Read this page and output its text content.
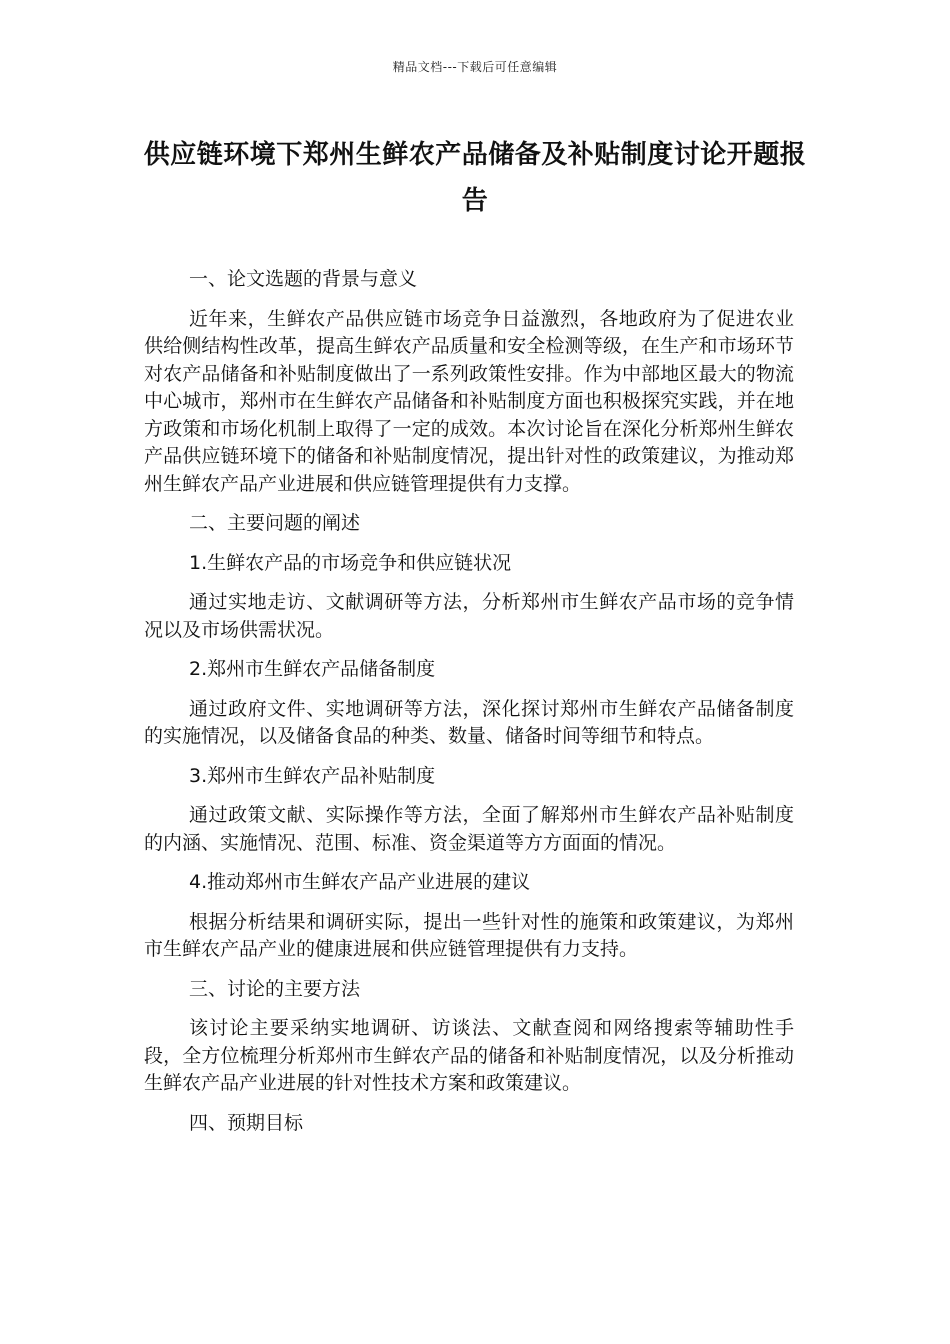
精品文档---下载后可任意编辑
供应链环境下郑州生鲜农产品储备及补贴制度讨论开题报告
一、论文选题的背景与意义
近年来，生鲜农产品供应链市场竞争日益激烈，各地政府为了促进农业供给侧结构性改革，提高生鲜农产品质量和安全检测等级，在生产和市场环节对农产品储备和补贴制度做出了一系列政策性安排。作为中部地区最大的物流中心城市，郑州市在生鲜农产品储备和补贴制度方面也积极探究实践，并在地方政策和市场化机制上取得了一定的成效。本次讨论旨在深化分析郑州生鲜农产品供应链环境下的储备和补贴制度情况，提出针对性的政策建议，为推动郑州生鲜农产品产业进展和供应链管理提供有力支撑。
二、主要问题的阐述
1.生鲜农产品的市场竞争和供应链状况
通过实地走访、文献调研等方法，分析郑州市生鲜农产品市场的竞争情况以及市场供需状况。
2.郑州市生鲜农产品储备制度
通过政府文件、实地调研等方法，深化探讨郑州市生鲜农产品储备制度的实施情况，以及储备食品的种类、数量、储备时间等细节和特点。
3.郑州市生鲜农产品补贴制度
通过政策文献、实际操作等方法，全面了解郑州市生鲜农产品补贴制度的内涵、实施情况、范围、标准、资金渠道等方方面面的情况。
4.推动郑州市生鲜农产品产业进展的建议
根据分析结果和调研实际，提出一些针对性的施策和政策建议，为郑州市生鲜农产品产业的健康进展和供应链管理提供有力支持。
三、讨论的主要方法
该讨论主要采纳实地调研、访谈法、文献查阅和网络搜索等辅助性手段，全方位梳理分析郑州市生鲜农产品的储备和补贴制度情况，以及分析推动生鲜农产品产业进展的针对性技术方案和政策建议。
四、预期目标
